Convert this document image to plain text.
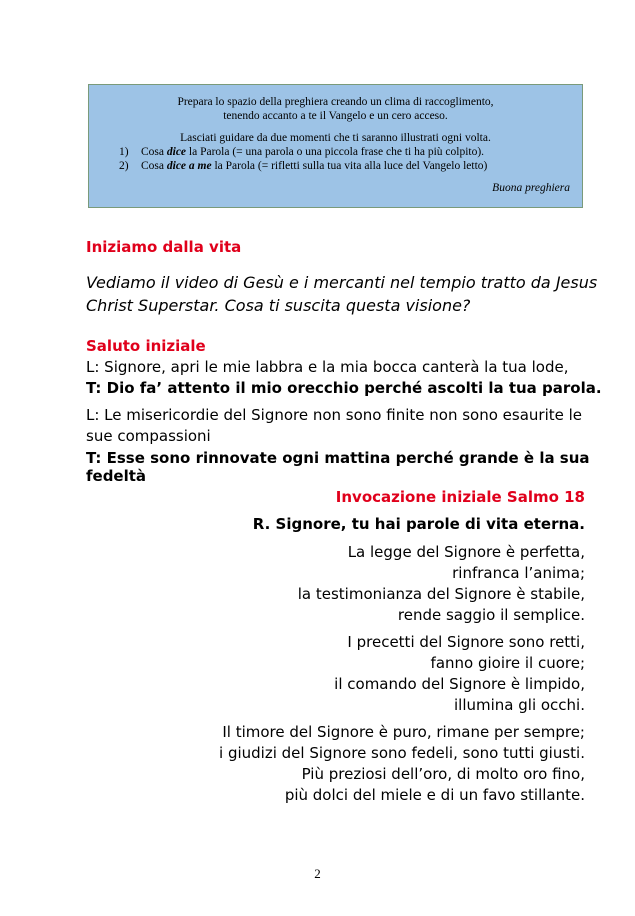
Prepara lo spazio della preghiera creando un clima di raccoglimento,
tenendo accanto a te il Vangelo e un cero acceso.
Lasciati guidare da due momenti che ti saranno illustrati ogni volta.
1) Cosa dice la Parola (= una parola o una piccola frase che ti ha più colpito).
2) Cosa dice a me la Parola (= rifletti sulla tua vita alla luce del Vangelo letto)
Buona preghiera
Iniziamo dalla vita
Vediamo il video di Gesù e i mercanti nel tempio tratto da Jesus
Christ Superstar. Cosa ti suscita questa visione?
Saluto iniziale
L: Signore, apri le mie labbra e la mia bocca canterà la tua lode,
T: Dio fa’ attento il mio orecchio perché ascolti la tua parola.
L: Le misericordie del Signore non sono finite non sono esaurite le
sue compassioni
T: Esse sono rinnovate ogni mattina perché grande è la sua fedeltà
Invocazione iniziale Salmo 18
R. Signore, tu hai parole di vita eterna.
La legge del Signore è perfetta,
rinfranca l’anima;
la testimonianza del Signore è stabile,
rende saggio il semplice.
I precetti del Signore sono retti,
fanno gioire il cuore;
il comando del Signore è limpido,
illumina gli occhi.
Il timore del Signore è puro, rimane per sempre;
i giudizi del Signore sono fedeli, sono tutti giusti.
Più preziosi dell’oro, di molto oro fino,
più dolci del miele e di un favo stillante.
2
